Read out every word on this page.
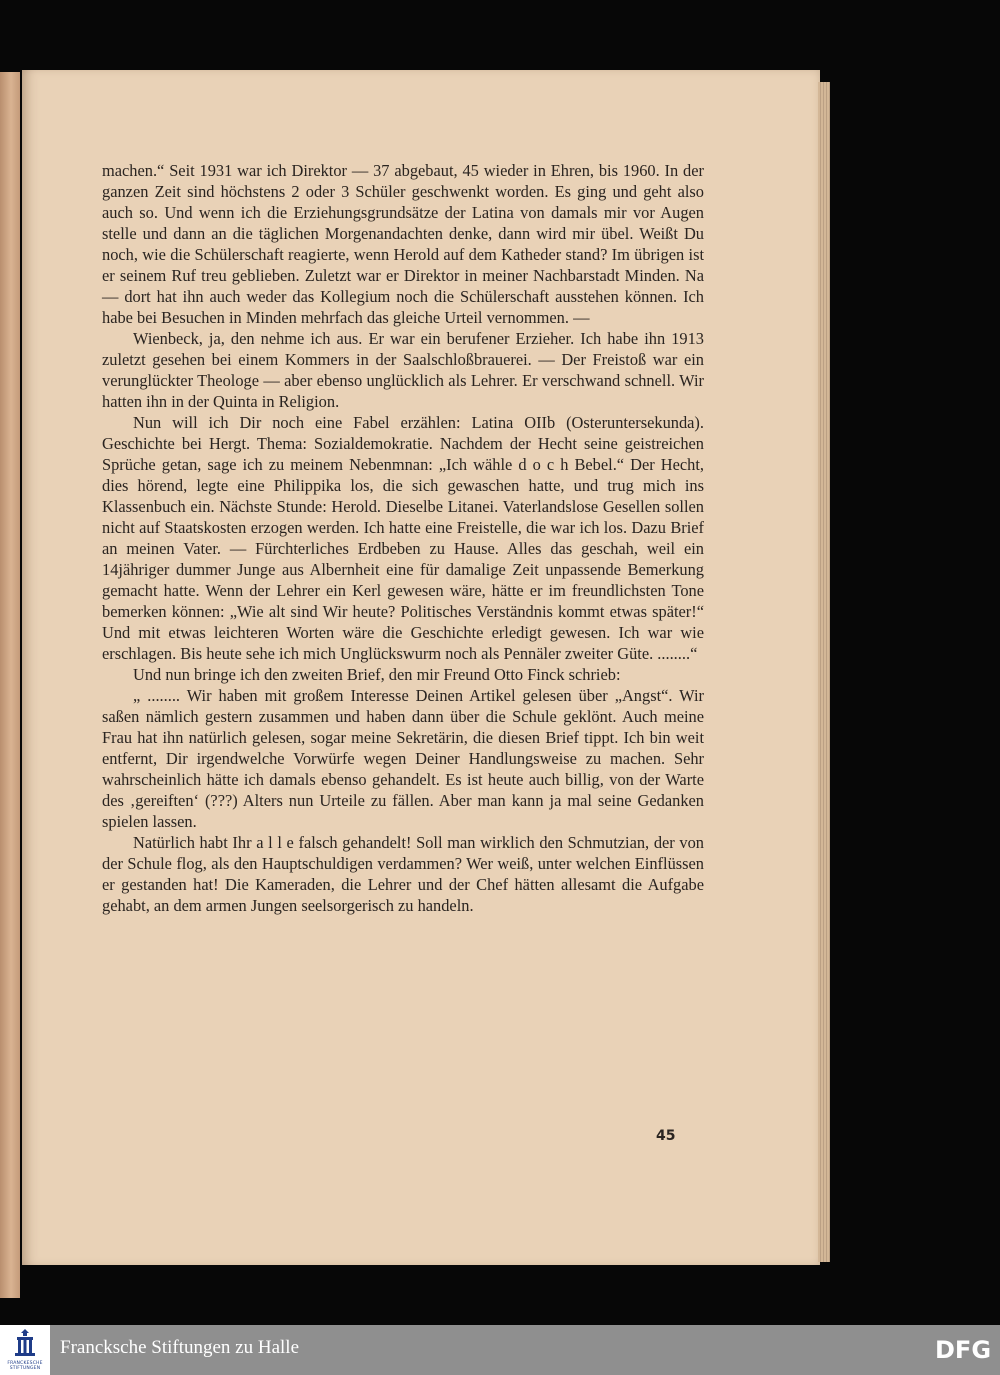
machen.“ Seit 1931 war ich Direktor — 37 abgebaut, 45 wieder in Ehren, bis 1960. In der ganzen Zeit sind höchstens 2 oder 3 Schüler geschwenkt worden. Es ging und geht also auch so. Und wenn ich die Erziehungsgrundsätze der Latina von damals mir vor Augen stelle und dann an die täglichen Morgenandachten denke, dann wird mir übel. Weißt Du noch, wie die Schülerschaft reagierte, wenn Herold auf dem Katheder stand? Im übrigen ist er seinem Ruf treu geblieben. Zuletzt war er Direktor in meiner Nachbarstadt Minden. Na — dort hat ihn auch weder das Kollegium noch die Schülerschaft ausstehen können. Ich habe bei Besuchen in Minden mehrfach das gleiche Urteil vernommen. —

Wienbeck, ja, den nehme ich aus. Er war ein berufener Erzieher. Ich habe ihn 1913 zuletzt gesehen bei einem Kommers in der Saalschloßbrauerei. — Der Freistoß war ein verunglückter Theologe — aber ebenso unglücklich als Lehrer. Er verschwand schnell. Wir hatten ihn in der Quinta in Religion.

Nun will ich Dir noch eine Fabel erzählen: Latina OIIb (Osteruntersekunda). Geschichte bei Hergt. Thema: Sozialdemokratie. Nachdem der Hecht seine geistreichen Sprüche getan, sage ich zu meinem Nebenmnan: „Ich wähle d o c h Bebel.“ Der Hecht, dies hörend, legte eine Philippika los, die sich gewaschen hatte, und trug mich ins Klassenbuch ein. Nächste Stunde: Herold. Dieselbe Litanei. Vaterlandslose Gesellen sollen nicht auf Staatskosten erzogen werden. Ich hatte eine Freistelle, die war ich los. Dazu Brief an meinen Vater. — Fürchterliches Erdbeben zu Hause. Alles das geschah, weil ein 14jähriger dummer Junge aus Albernheit eine für damalige Zeit unpassende Bemerkung gemacht hatte. Wenn der Lehrer ein Kerl gewesen wäre, hätte er im freundlichsten Tone bemerken können: „Wie alt sind Wir heute? Politisches Verständnis kommt etwas später!“ Und mit etwas leichteren Worten wäre die Geschichte erledigt gewesen. Ich war wie erschlagen. Bis heute sehe ich mich Unglückswurm noch als Pennäler zweiter Güte. ........“

Und nun bringe ich den zweiten Brief, den mir Freund Otto Finck schrieb:

„ ........ Wir haben mit großem Interesse Deinen Artikel gelesen über „Angst“. Wir saßen nämlich gestern zusammen und haben dann über die Schule geklönt. Auch meine Frau hat ihn natürlich gelesen, sogar meine Sekretärin, die diesen Brief tippt. Ich bin weit entfernt, Dir irgendwelche Vorwürfe wegen Deiner Handlungsweise zu machen. Sehr wahrscheinlich hätte ich damals ebenso gehandelt. Es ist heute auch billig, von der Warte des ‚gereiften‘ (???) Alters nun Urteile zu fällen. Aber man kann ja mal seine Gedanken spielen lassen.

Natürlich habt Ihr a l l e falsch gehandelt! Soll man wirklich den Schmutzian, der von der Schule flog, als den Hauptschuldigen verdammen? Wer weiß, unter welchen Einflüssen er gestanden hat! Die Kameraden, die Lehrer und der Chef hätten allesamt die Aufgabe gehabt, an dem armen Jungen seelsorgerisch zu handeln.

45
FRANCKESCHE STIFTUNGEN
Francksche Stiftungen zu Halle	DFG
